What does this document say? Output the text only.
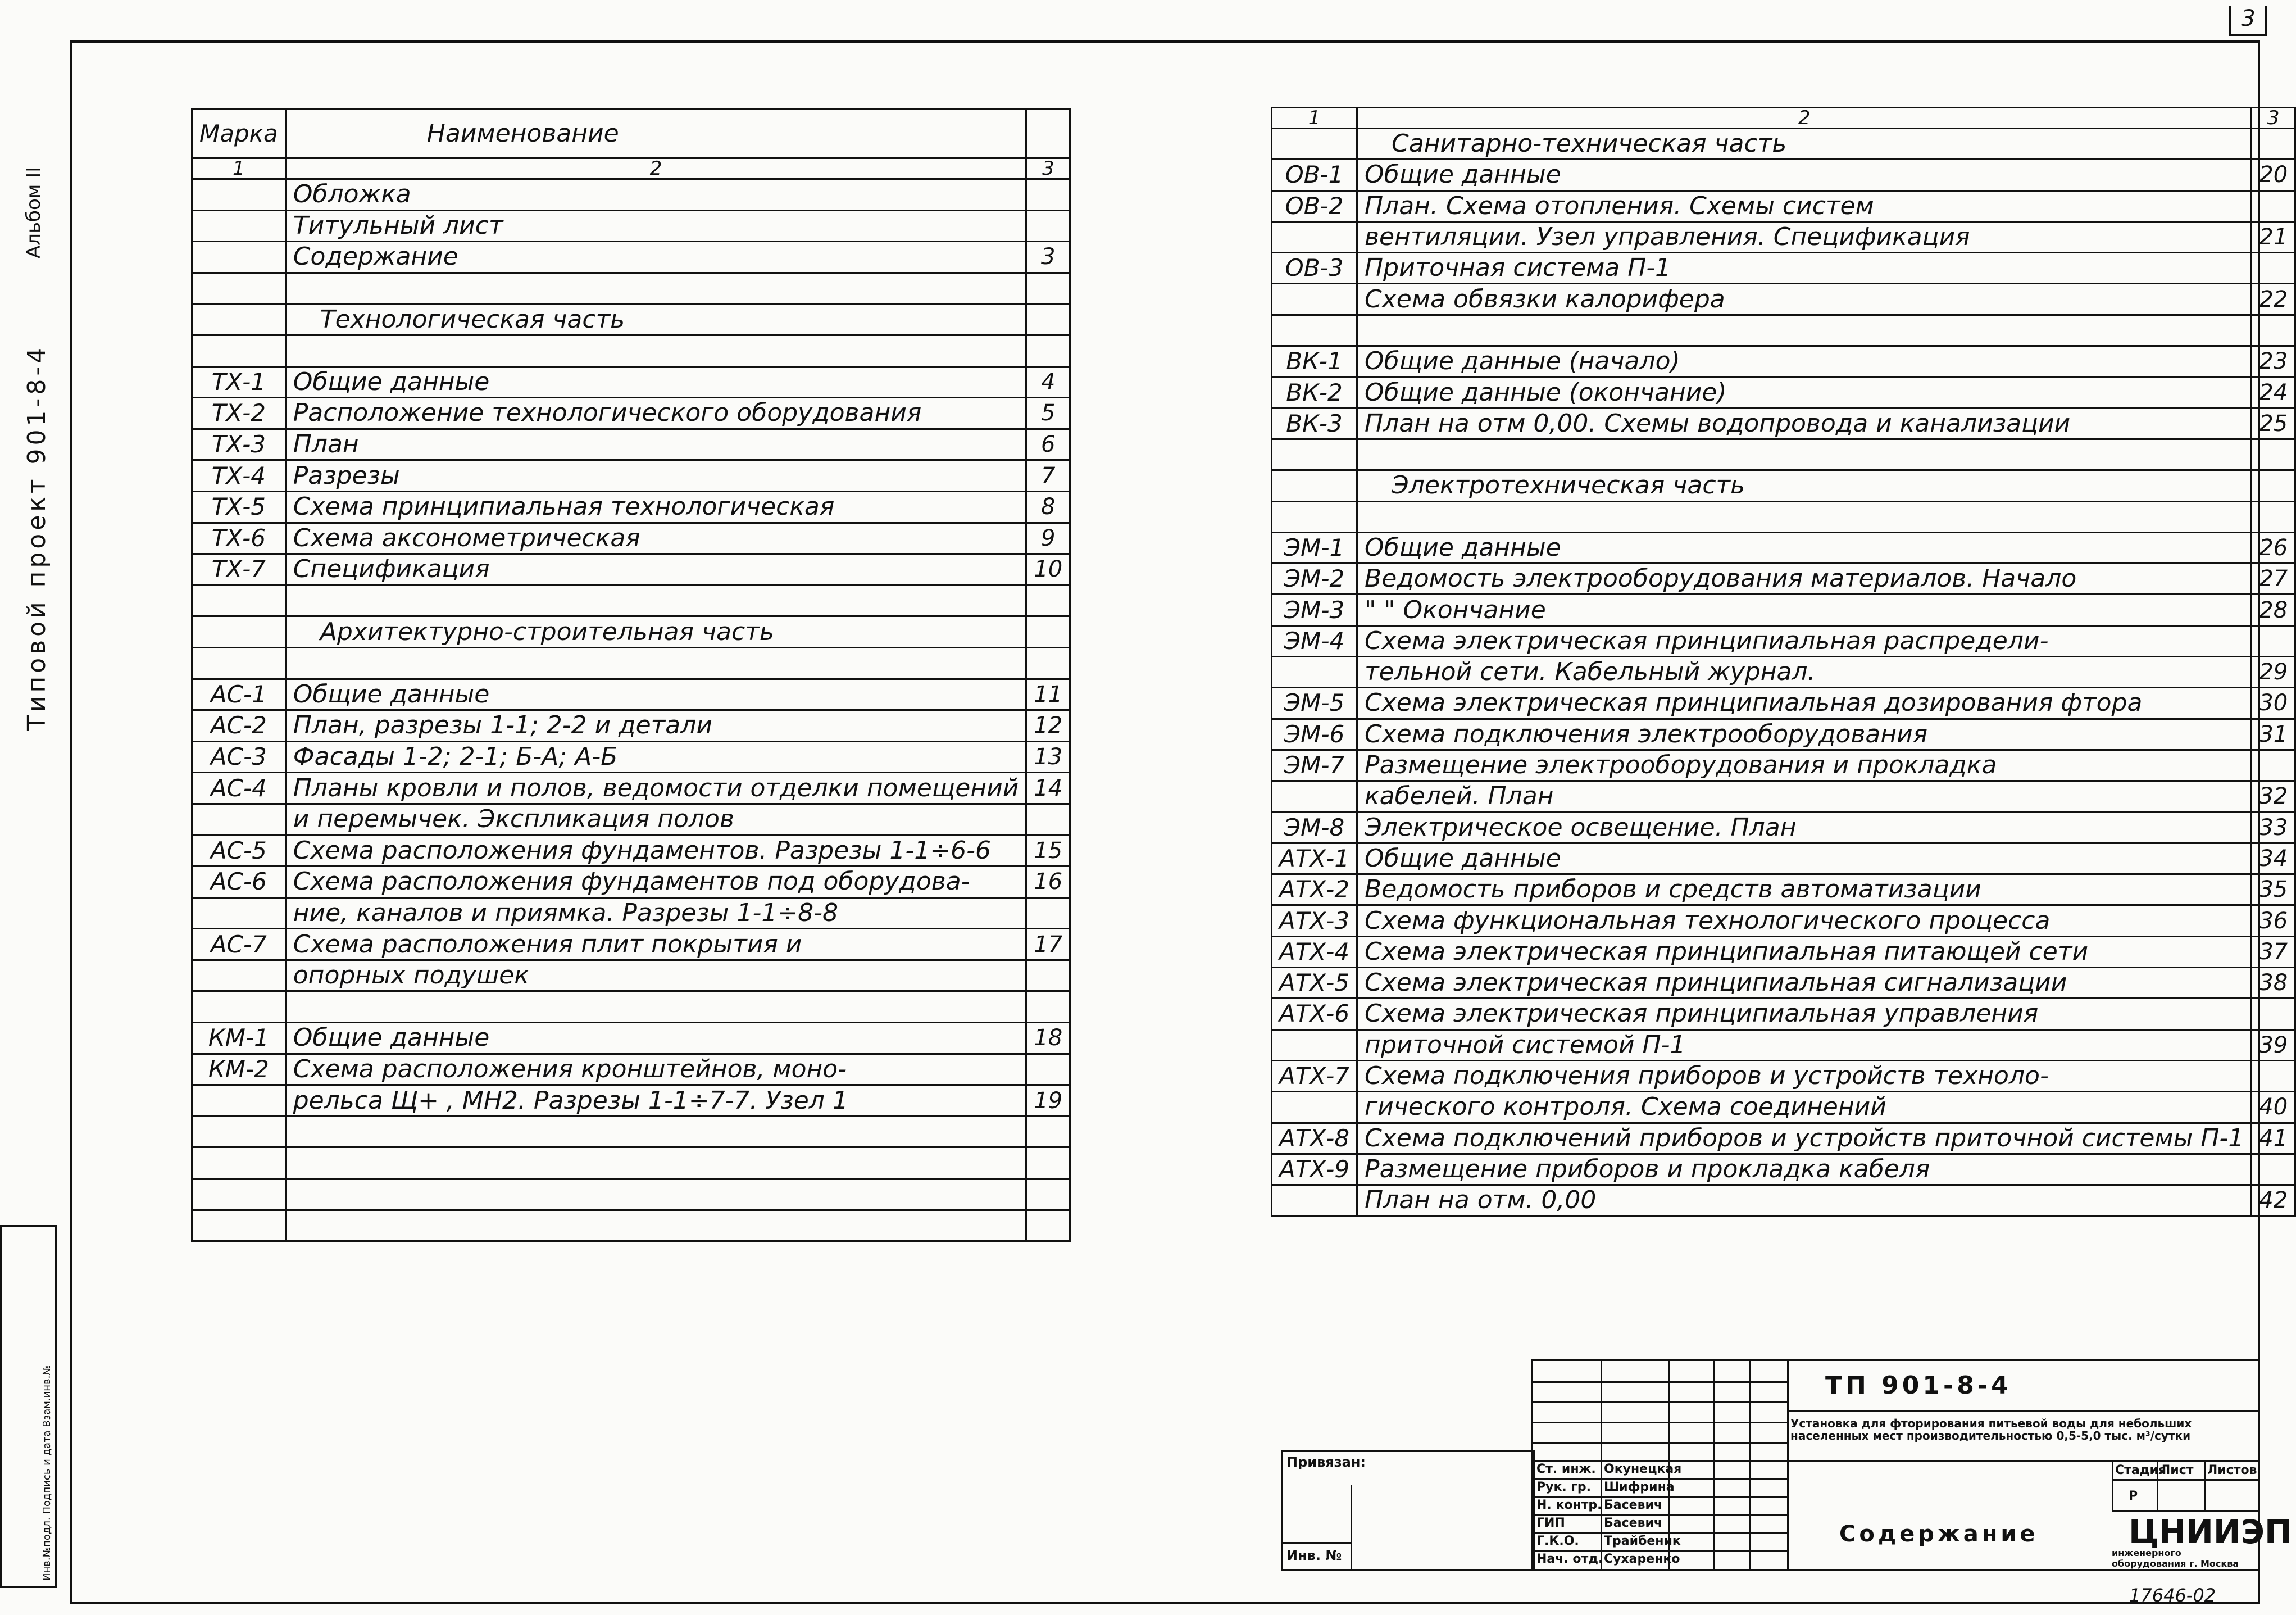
3
Альбом II
Типовой проект 901-8-4
Инв.№подл. Подпись и дата Взам.инв.№
Марка	Наименование	
1	2	3
	Обложка	
	Титульный лист	
	Содержание	3

	Технологическая часть	

ТХ-1	Общие данные	4
ТХ-2	Расположение технологического оборудования	5
ТХ-3	План	6
ТХ-4	Разрезы	7
ТХ-5	Схема принципиальная технологическая	8
ТХ-6	Схема аксонометрическая	9
ТХ-7	Спецификация	10

	Архитектурно-строительная часть	

АС-1	Общие данные	11
АС-2	План, разрезы 1-1; 2-2 и детали	12
АС-3	Фасады 1-2; 2-1; Б-А; А-Б	13
АС-4	Планы кровли и полов, ведомости отделки помещений	14
	и перемычек. Экспликация полов	
АС-5	Схема расположения фундаментов. Разрезы 1-1÷6-6	15
АС-6	Схема расположения фундаментов под оборудова-	16
	ние, каналов и приямка. Разрезы 1-1÷8-8	
АС-7	Схема расположения плит покрытия и	17
	опорных подушек	

КМ-1	Общие данные	18
КМ-2	Схема расположения кронштейнов, моно-	
	рельса Щ+ , МН2. Разрезы 1-1÷7-7. Узел 1	19

1	2	3
	Санитарно-техническая часть	
ОВ-1	Общие данные	20
ОВ-2	План. Схема отопления. Схемы систем	
	вентиляции. Узел управления. Спецификация	21
ОВ-3	Приточная система П-1	
	Схема обвязки калорифера	22

ВК-1	Общие данные (начало)	23
ВК-2	Общие данные (окончание)	24
ВК-3	План на отм 0,00. Схемы водопровода и канализации	25

	Электротехническая часть	

ЭМ-1	Общие данные	26
ЭМ-2	Ведомость электрооборудования материалов. Начало	27
ЭМ-3	" " Окончание	28
ЭМ-4	Схема электрическая принципиальная распредели-	
	тельной сети. Кабельный журнал.	29
ЭМ-5	Схема электрическая принципиальная дозирования фтора	30
ЭМ-6	Схема подключения электрооборудования	31
ЭМ-7	Размещение электрооборудования и прокладка	
	кабелей. План	32
ЭМ-8	Электрическое освещение. План	33
АТХ-1	Общие данные	34
АТХ-2	Ведомость приборов и средств автоматизации	35
АТХ-3	Схема функциональная технологического процесса	36
АТХ-4	Схема электрическая принципиальная питающей сети	37
АТХ-5	Схема электрическая принципиальная сигнализации	38
АТХ-6	Схема электрическая принципиальная управления	
	приточной системой П-1	39
АТХ-7	Схема подключения приборов и устройств техноло-	
	гического контроля. Схема соединений	40
АТХ-8	Схема подключений приборов и устройств приточной системы П-1	41
АТХ-9	Размещение приборов и прокладка кабеля	
	План на отм. 0,00	42
Привязан:
Инв. №
Ст. инж.
Рук. гр.
Н. контр.
ГИП
Г.К.О.
Нач. отд.
Окунецкая
Шифрина
Басевич
Басевич
Трайбеник
Сухаренко
ТП 901-8-4
Установка для фторирования питьевой воды для небольших населенных мест производительностью 0,5-5,0 тыс. м³/сутки
Стадия
Лист Листов
Р
Содержание	ЦНИИЭП
инженерного оборудования г. Москва
17646-02
